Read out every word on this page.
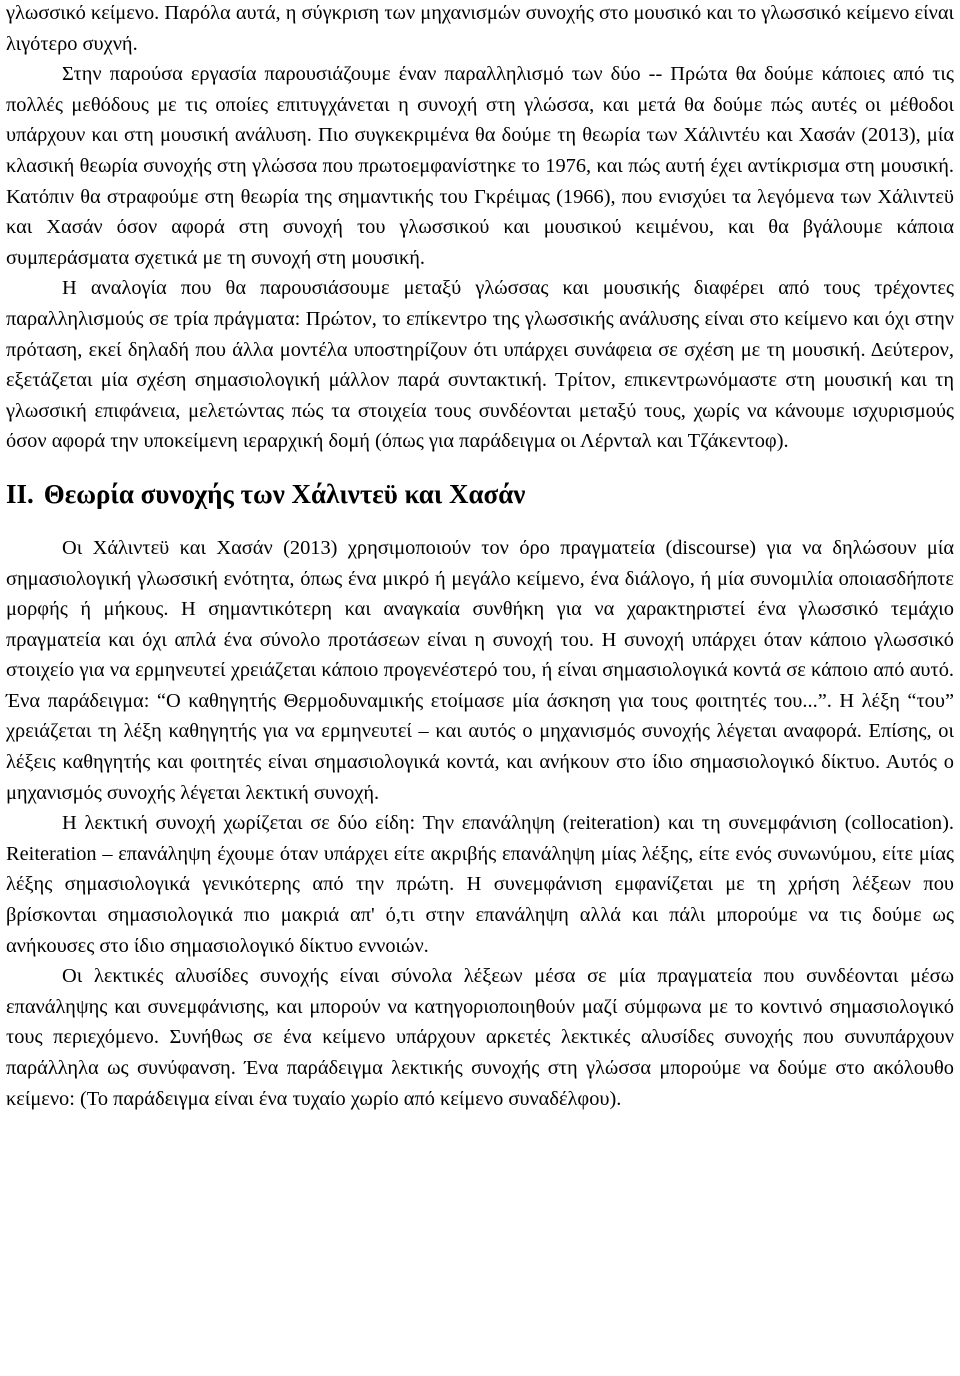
γλωσσικό κείμενο. Παρόλα αυτά, η σύγκριση των μηχανισμών συνοχής στο μουσικό και το γλωσσικό κείμενο είναι λιγότερο συχνή.

Στην παρούσα εργασία παρουσιάζουμε έναν παραλληλισμό των δύο -- Πρώτα θα δούμε κάποιες από τις πολλές μεθόδους με τις οποίες επιτυγχάνεται η συνοχή στη γλώσσα, και μετά θα δούμε πώς αυτές οι μέθοδοι υπάρχουν και στη μουσική ανάλυση. Πιο συγκεκριμένα θα δούμε τη θεωρία των Χάλιντέυ και Χασάν (2013), μία κλασική θεωρία συνοχής στη γλώσσα που πρωτοεμφανίστηκε το 1976, και πώς αυτή έχει αντίκρισμα στη μουσική. Κατόπιν θα στραφούμε στη θεωρία της σημαντικής του Γκρέιμας (1966), που ενισχύει τα λεγόμενα των Χάλιντεϋ και Χασάν όσον αφορά στη συνοχή του γλωσσικού και μουσικού κειμένου, και θα βγάλουμε κάποια συμπεράσματα σχετικά με τη συνοχή στη μουσική.

Η αναλογία που θα παρουσιάσουμε μεταξύ γλώσσας και μουσικής διαφέρει από τους τρέχοντες παραλληλισμούς σε τρία πράγματα: Πρώτον, το επίκεντρο της γλωσσικής ανάλυσης είναι στο κείμενο και όχι στην πρόταση, εκεί δηλαδή που άλλα μοντέλα υποστηρίζουν ότι υπάρχει συνάφεια σε σχέση με τη μουσική. Δεύτερον, εξετάζεται μία σχέση σημασιολογική μάλλον παρά συντακτική. Τρίτον, επικεντρωνόμαστε στη μουσική και τη γλωσσική επιφάνεια, μελετώντας πώς τα στοιχεία τους συνδέονται μεταξύ τους, χωρίς να κάνουμε ισχυρισμούς όσον αφορά την υποκείμενη ιεραρχική δομή (όπως για παράδειγμα οι Λέρνταλ και Τζάκεντοφ).

II. Θεωρία συνοχής των Χάλιντεϋ και Χασάν

Οι Χάλιντεϋ και Χασάν (2013) χρησιμοποιούν τον όρο πραγματεία (discourse) για να δηλώσουν μία σημασιολογική γλωσσική ενότητα, όπως ένα μικρό ή μεγάλο κείμενο, ένα διάλογο, ή μία συνομιλία οποιασδήποτε μορφής ή μήκους. Η σημαντικότερη και αναγκαία συνθήκη για να χαρακτηριστεί ένα γλωσσικό τεμάχιο πραγματεία και όχι απλά ένα σύνολο προτάσεων είναι η συνοχή του. Η συνοχή υπάρχει όταν κάποιο γλωσσικό στοιχείο για να ερμηνευτεί χρειάζεται κάποιο προγενέστερό του, ή είναι σημασιολογικά κοντά σε κάποιο από αυτό. Ένα παράδειγμα: “Ο καθηγητής Θερμοδυναμικής ετοίμασε μία άσκηση για τους φοιτητές του...”. Η λέξη “του” χρειάζεται τη λέξη καθηγητής για να ερμηνευτεί – και αυτός ο μηχανισμός συνοχής λέγεται αναφορά. Επίσης, οι λέξεις καθηγητής και φοιτητές είναι σημασιολογικά κοντά, και ανήκουν στο ίδιο σημασιολογικό δίκτυο. Αυτός ο μηχανισμός συνοχής λέγεται λεκτική συνοχή.

Η λεκτική συνοχή χωρίζεται σε δύο είδη: Την επανάληψη (reiteration) και τη συνεμφάνιση (collocation). Reiteration – επανάληψη έχουμε όταν υπάρχει είτε ακριβής επανάληψη μίας λέξης, είτε ενός συνωνύμου, είτε μίας λέξης σημασιολογικά γενικότερης από την πρώτη. Η συνεμφάνιση εμφανίζεται με τη χρήση λέξεων που βρίσκονται σημασιολογικά πιο μακριά απ' ό,τι στην επανάληψη αλλά και πάλι μπορούμε να τις δούμε ως ανήκουσες στο ίδιο σημασιολογικό δίκτυο εννοιών.

Οι λεκτικές αλυσίδες συνοχής είναι σύνολα λέξεων μέσα σε μία πραγματεία που συνδέονται μέσω επανάληψης και συνεμφάνισης, και μπορούν να κατηγοριοποιηθούν μαζί σύμφωνα με το κοντινό σημασιολογικό τους περιεχόμενο. Συνήθως σε ένα κείμενο υπάρχουν αρκετές λεκτικές αλυσίδες συνοχής που συνυπάρχουν παράλληλα ως συνύφανση. Ένα παράδειγμα λεκτικής συνοχής στη γλώσσα μπορούμε να δούμε στο ακόλουθο κείμενο: (Το παράδειγμα είναι ένα τυχαίο χωρίο από κείμενο συναδέλφου).
